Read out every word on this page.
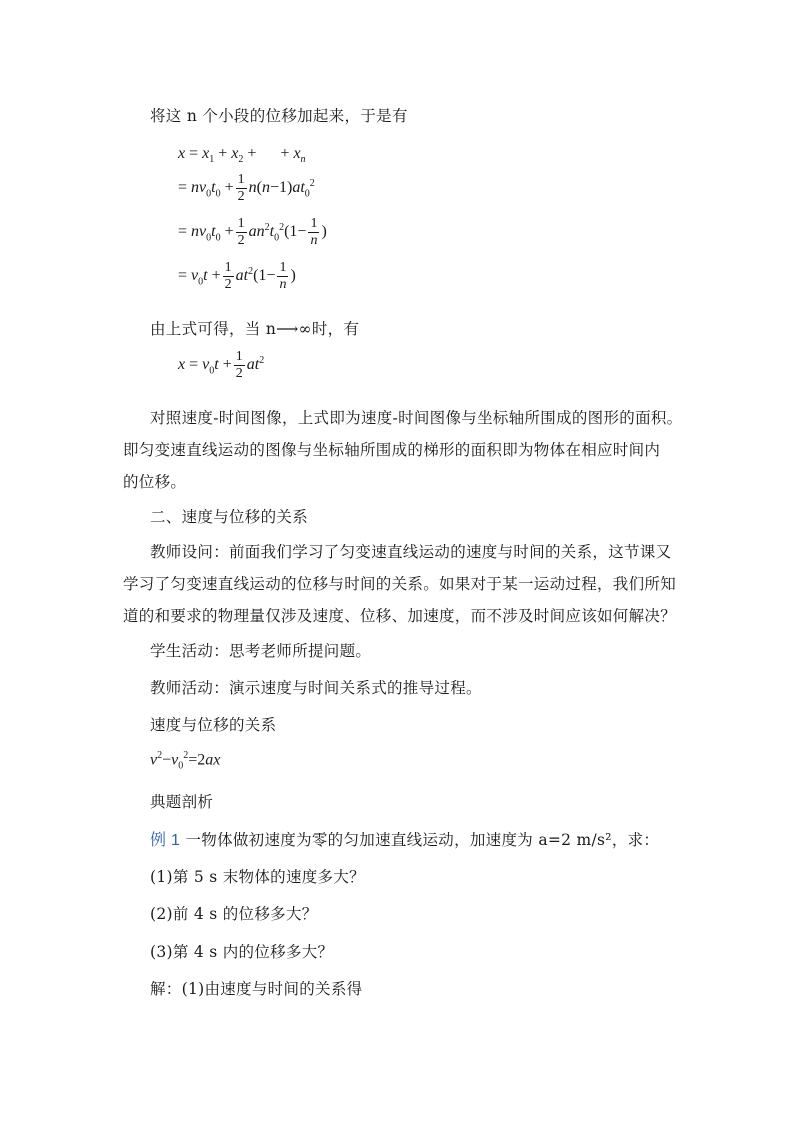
将这 n 个小段的位移加起来，于是有
$x = x_1 + x_2$ +      + $x_n$
= $nv_0t_0 + \frac{1}{2} n(n-1)at_0^2$
= $nv_0t_0 + \frac{1}{2} an^2t_0^2(1- \frac{1}{n}$ )
= $v_0t + \frac{1}{2} at^2(1- \frac{1}{n}$ )
由上式可得，当 n⟶∞时，有
$x = v_0t + \frac{1}{2} at^2$
对照速度-时间图像，上式即为速度-时间图像与坐标轴所围成的图形的面积。
即匀变速直线运动的图像与坐标轴所围成的梯形的面积即为物体在相应时间内
的位移。
二、速度与位移的关系
教师设问：前面我们学习了匀变速直线运动的速度与时间的关系，这节课又
学习了匀变速直线运动的位移与时间的关系。如果对于某一运动过程，我们所知
道的和要求的物理量仅涉及速度、位移、加速度，而不涉及时间应该如何解决？
学生活动：思考老师所提问题。
教师活动：演示速度与时间关系式的推导过程。
速度与位移的关系
$v^2-v_0^2=2ax$
典题剖析
例 1 一物体做初速度为零的匀加速直线运动，加速度为 a=2 m/s²，求：
(1)第 5 s 末物体的速度多大？
(2)前 4 s 的位移多大？
(3)第 4 s 内的位移多大？
解：(1)由速度与时间的关系得
